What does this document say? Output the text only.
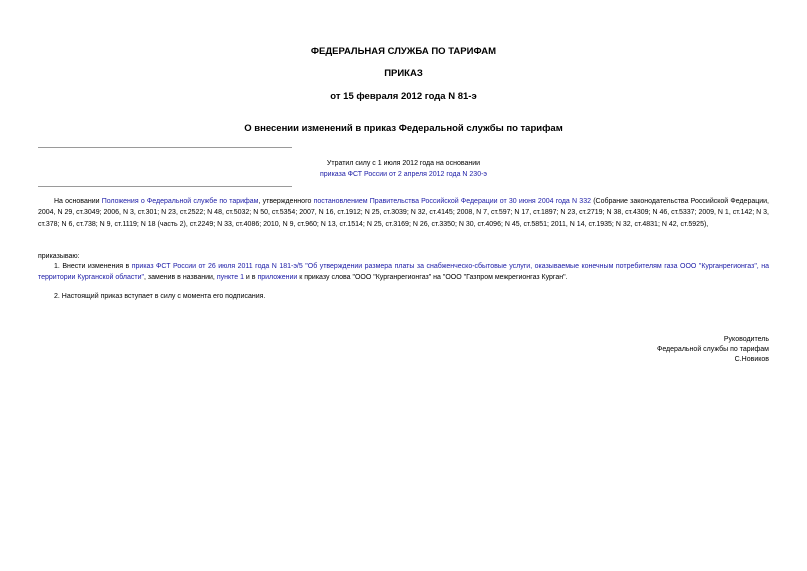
ФЕДЕРАЛЬНАЯ СЛУЖБА ПО ТАРИФАМ
ПРИКАЗ
от 15 февраля 2012 года N 81-э
О внесении изменений в приказ Федеральной службы по тарифам
Утратил силу с 1 июля 2012 года на основании
приказа ФСТ России от 2 апреля 2012 года N 230-э
На основании Положения о Федеральной службе по тарифам, утвержденного постановлением Правительства Российской Федерации от 30 июня 2004 года N 332 (Собрание законодательства Российской Федерации, 2004, N 29, ст.3049; 2006, N 3, ст.301; N 23, ст.2522; N 48, ст.5032; N 50, ст.5354; 2007, N 16, ст.1912; N 25, ст.3039; N 32, ст.4145; 2008, N 7, ст.597; N 17, ст.1897; N 23, ст.2719; N 38, ст.4309; N 46, ст.5337; 2009, N 1, ст.142; N 3, ст.378; N 6, ст.738; N 9, ст.1119; N 18 (часть 2), ст.2249; N 33, ст.4086; 2010, N 9, ст.960; N 13, ст.1514; N 25, ст.3169; N 26, ст.3350; N 30, ст.4096; N 45, ст.5851; 2011, N 14, ст.1935; N 32, ст.4831; N 42, ст.5925),
приказываю:
1. Внести изменения в приказ ФСТ России от 26 июля 2011 года N 181-э/5 "Об утверждении размера платы за снабженческо-сбытовые услуги, оказываемые конечным потребителям газа ООО "Курганрегионгаз", на территории Курганской области", заменив в названии, пункте 1 и в приложении к приказу слова "ООО "Курганрегионгаз" на "ООО "Газпром межрегионгаз Курган".
2. Настоящий приказ вступает в силу с момента его подписания.
Руководитель
Федеральной службы по тарифам
С.Новиков
